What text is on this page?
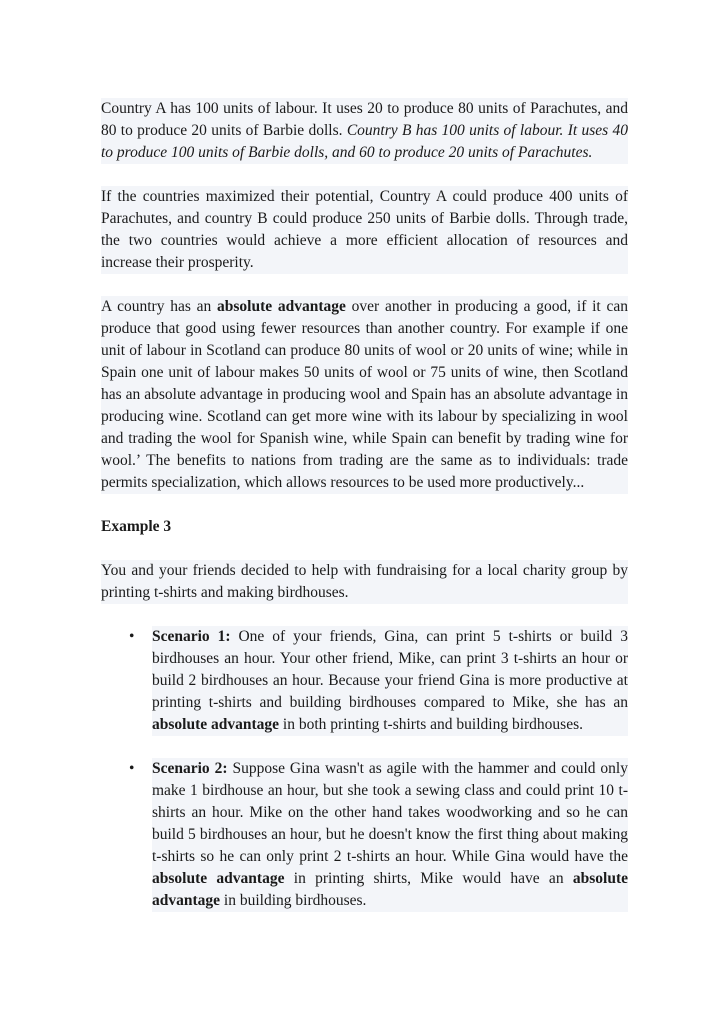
Country A has 100 units of labour. It uses 20 to produce 80 units of Parachutes, and 80 to produce 20 units of Barbie dolls. Country B has 100 units of labour. It uses 40 to produce 100 units of Barbie dolls, and 60 to produce 20 units of Parachutes.

If the countries maximized their potential, Country A could produce 400 units of Parachutes, and country B could produce 250 units of Barbie dolls. Through trade, the two countries would achieve a more efficient allocation of resources and increase their prosperity.

A country has an absolute advantage over another in producing a good, if it can produce that good using fewer resources than another country. For example if one unit of labour in Scotland can produce 80 units of wool or 20 units of wine; while in Spain one unit of labour makes 50 units of wool or 75 units of wine, then Scotland has an absolute advantage in producing wool and Spain has an absolute advantage in producing wine. Scotland can get more wine with its labour by specializing in wool and trading the wool for Spanish wine, while Spain can benefit by trading wine for wool.’ The benefits to nations from trading are the same as to individuals: trade permits specialization, which allows resources to be used more productively...

Example 3

You and your friends decided to help with fundraising for a local charity group by printing t-shirts and making birdhouses.

• Scenario 1: One of your friends, Gina, can print 5 t-shirts or build 3 birdhouses an hour. Your other friend, Mike, can print 3 t-shirts an hour or build 2 birdhouses an hour. Because your friend Gina is more productive at printing t-shirts and building birdhouses compared to Mike, she has an absolute advantage in both printing t-shirts and building birdhouses.

• Scenario 2: Suppose Gina wasn't as agile with the hammer and could only make 1 birdhouse an hour, but she took a sewing class and could print 10 t-shirts an hour. Mike on the other hand takes woodworking and so he can build 5 birdhouses an hour, but he doesn't know the first thing about making t-shirts so he can only print 2 t-shirts an hour. While Gina would have the absolute advantage in printing shirts, Mike would have an absolute advantage in building birdhouses.
